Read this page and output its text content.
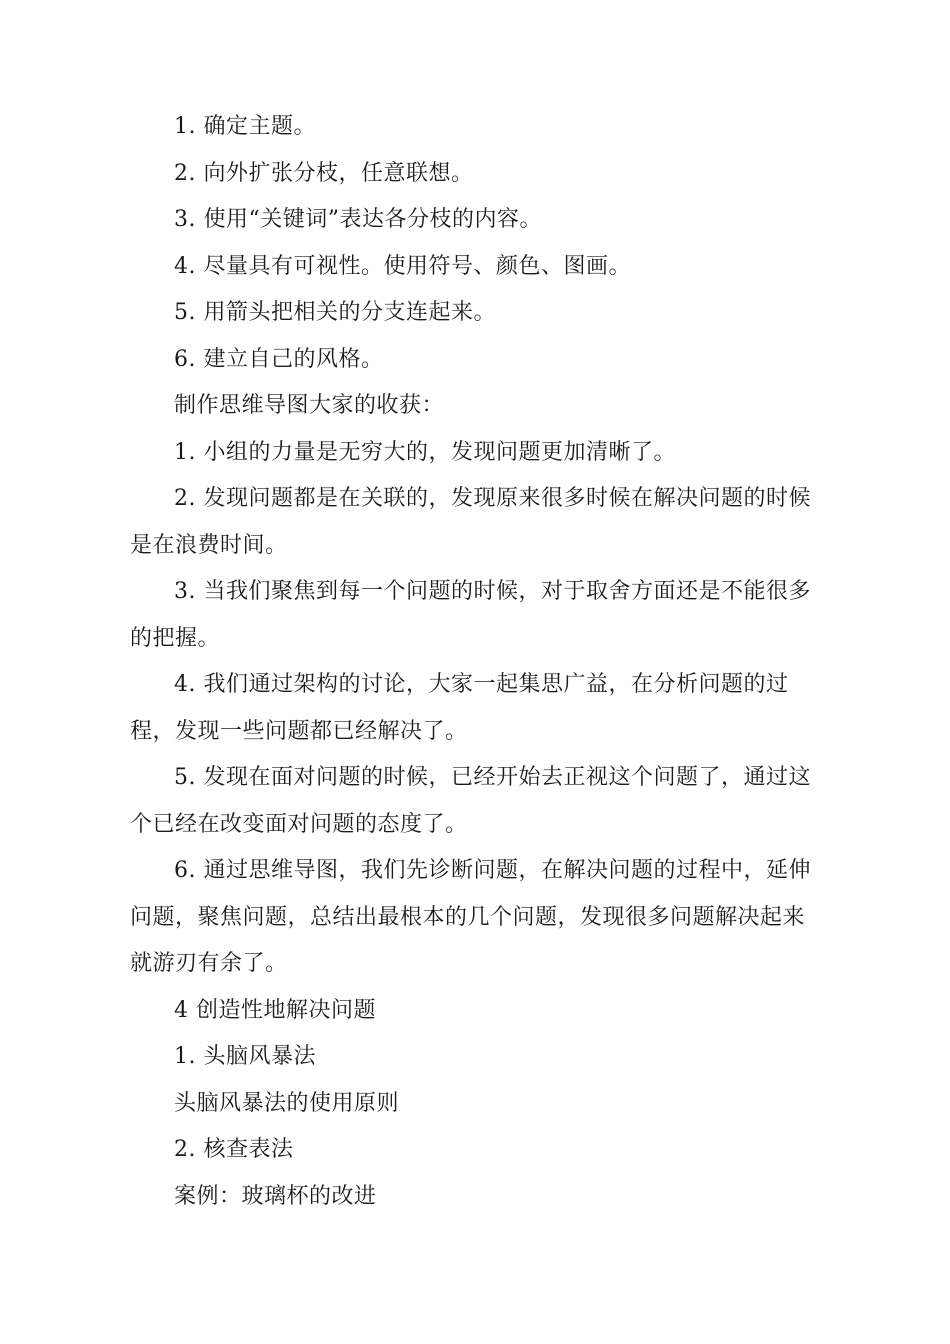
1. 确定主题。

2. 向外扩张分枝，任意联想。

3. 使用“关键词”表达各分枝的内容。

4. 尽量具有可视性。使用符号、颜色、图画。

5. 用箭头把相关的分支连起来。

6. 建立自己的风格。

制作思维导图大家的收获：

1. 小组的力量是无穷大的，发现问题更加清晰了。

2. 发现问题都是在关联的，发现原来很多时候在解决问题的时候是在浪费时间。

3. 当我们聚焦到每一个问题的时候，对于取舍方面还是不能很多的把握。

4. 我们通过架构的讨论，大家一起集思广益，在分析问题的过程，发现一些问题都已经解决了。

5. 发现在面对问题的时候，已经开始去正视这个问题了，通过这个已经在改变面对问题的态度了。

6. 通过思维导图，我们先诊断问题，在解决问题的过程中，延伸问题，聚焦问题，总结出最根本的几个问题，发现很多问题解决起来就游刃有余了。

4 创造性地解决问题

1. 头脑风暴法

头脑风暴法的使用原则

2. 核查表法

案例：玻璃杯的改进
